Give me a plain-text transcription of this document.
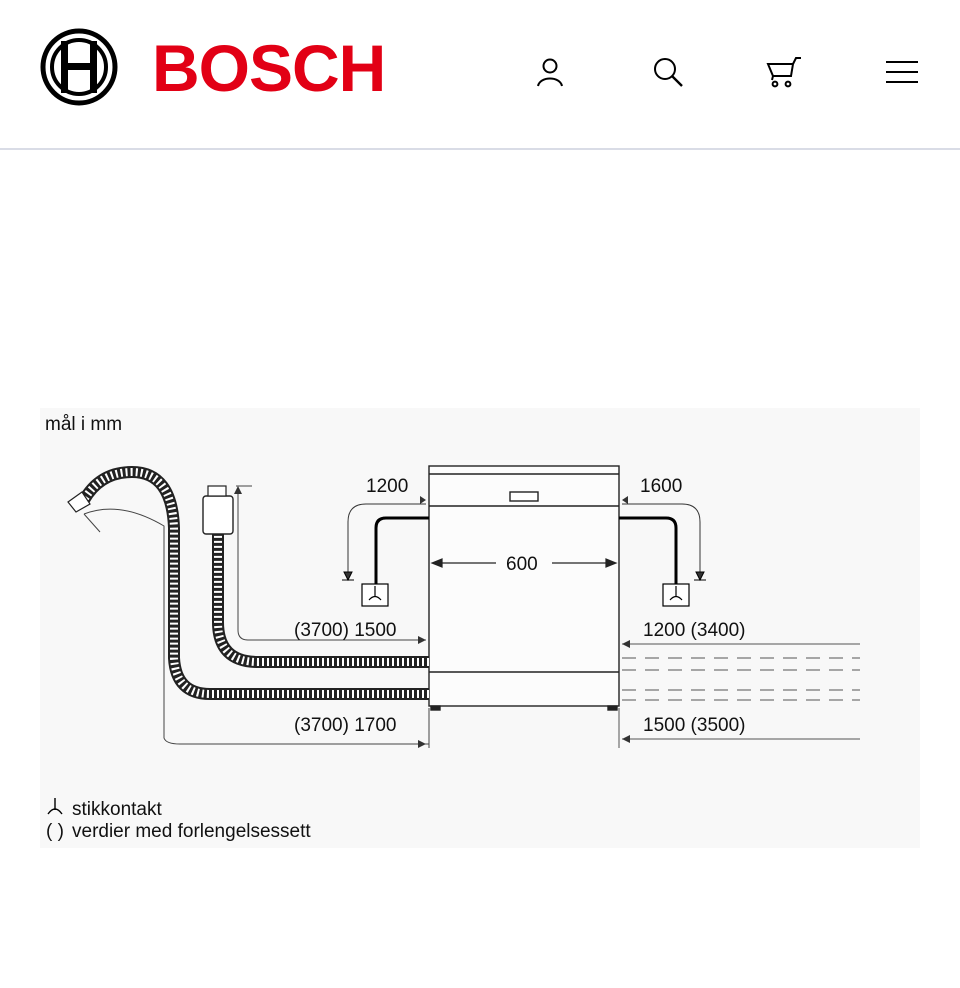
BOSCH
mål i mm
600
1200	1600
(3700) 1500
(3700) 1700
1200 (3400)
1500 (3500)
stikkontakt
( ) verdier med forlengelsessett
